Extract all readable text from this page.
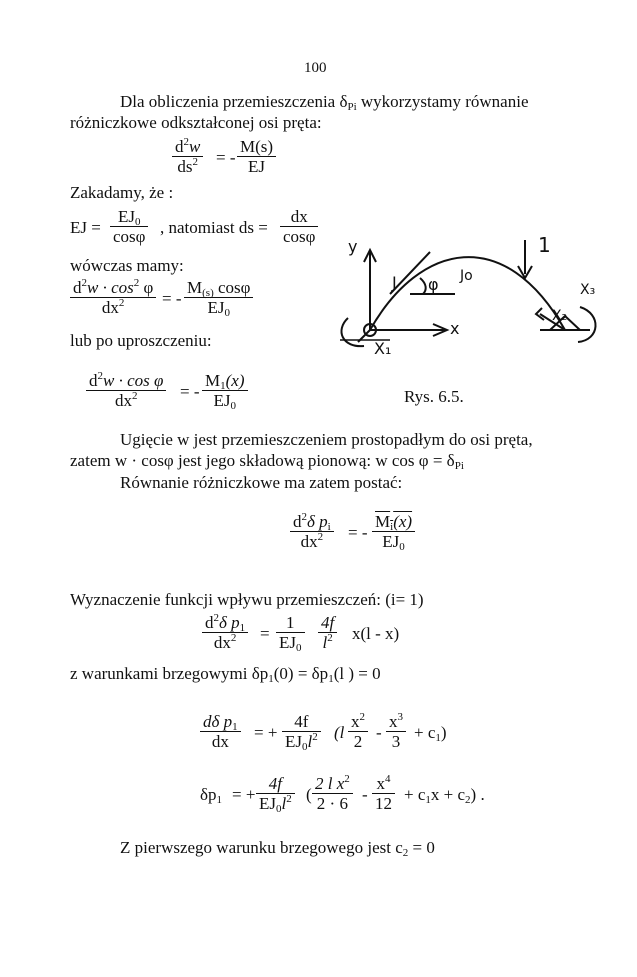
100
Dla obliczenia przemieszczenia $\delta_{Pi}$ wykorzystamy równanie
różniczkowe odkształconej osi pręta:
$\frac{d^2w}{ds^2}$ = - $\frac{M(s)}{EJ}$
Zakadamy, że :
EJ = $\frac{EJ_0}{\cos\varphi}$ , natomiast ds = $\frac{dx}{\cos\varphi}$
wówczas mamy:
$\frac{d^2w \cdot \cos^2 \varphi}{dx^2}$ = - $\frac{M_{(s)} \cos\varphi}{EJ_0}$
lub po uproszczeniu:
$\frac{d^2w \cdot \cos \varphi}{dx^2}$ = - $\frac{M_1(x)}{EJ_0}$	Rys. 6.5.
y
J φ Jo
1
x
X₁
X₂
X₃
Ugięcie w jest przemieszczeniem prostopadłym do osi pręta,
zatem w · cosφ jest jego składową pionową: w $\cos \varphi = \delta_{Pi}$
Równanie różniczkowe ma zatem postać:
$\frac{d^2\delta p_i}{dx^2}$ = - $\frac{M_i(x)}{EJ_0}$
Wyznaczenie funkcji wpływu przemieszczeń: (i= 1)
$\frac{d^2\delta p_1}{dx^2} = \frac{1}{EJ_0} \frac{4f}{l^2} x(l - x)$
z warunkami brzegowymi $\delta p_1(0) = \delta p_1(l$ ) = 0
$\frac{d\delta p_1}{dx}$ = + $\frac{4f}{EJ_0l^2} (l \frac{x^2}{2} - \frac{x^3}{3} + c_1)$
$\delta p_1$ = + $\frac{4f}{EJ_0l^2}$ ( $\frac{2 l x^2}{2 \cdot 6} - \frac{x^4}{12} + c_1x + c_2$) .
Z pierwszego warunku brzegowego jest $c_2 = 0$
